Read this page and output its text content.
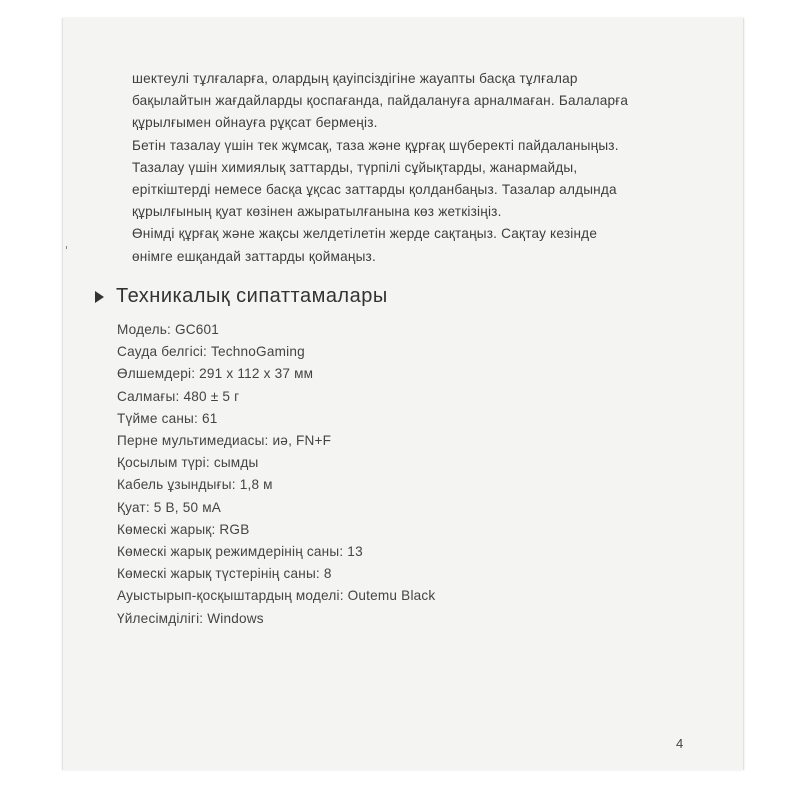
шектеулі тұлғаларға, олардың қауіпсіздігіне жауапты басқа тұлғалар

бақылайтын жағдайларды қоспағанда, пайдалануға арналмаған. Балаларға

құрылғымен ойнауға рұқсат бермеңіз.

Бетін тазалау үшін тек жұмсақ, таза және құрғақ шүберекті пайдаланыңыз.

Тазалау үшін химиялық заттарды, түрпілі сұйықтарды, жанармайды,

еріткіштерді немесе басқа ұқсас заттарды қолданбаңыз. Тазалар алдында

құрылғының қуат көзінен ажыратылғанына көз жеткізіңіз.

Өнімді құрғақ және жақсы желдетілетін жерде сақтаңыз. Сақтау кезінде

өнімге ешқандай заттарды қоймаңыз.

Техникалық сипаттамалары
Модель: GC601
Сауда белгісі: TechnoGaming
Өлшемдері: 291 х 112 х 37 мм
Салмағы: 480 ± 5 г
Түйме саны: 61
Перне мультимедиасы: иә, FN+F
Қосылым түрі: сымды
Кабель ұзындығы: 1,8 м
Қуат: 5 В, 50 мА
Көмескі жарық: RGB
Көмескі жарық режимдерінің саны: 13
Көмескі жарық түстерінің саны: 8
Ауыстырып-қосқыштардың моделі: Outemu Black
Үйлесімділігі: Windows
4
